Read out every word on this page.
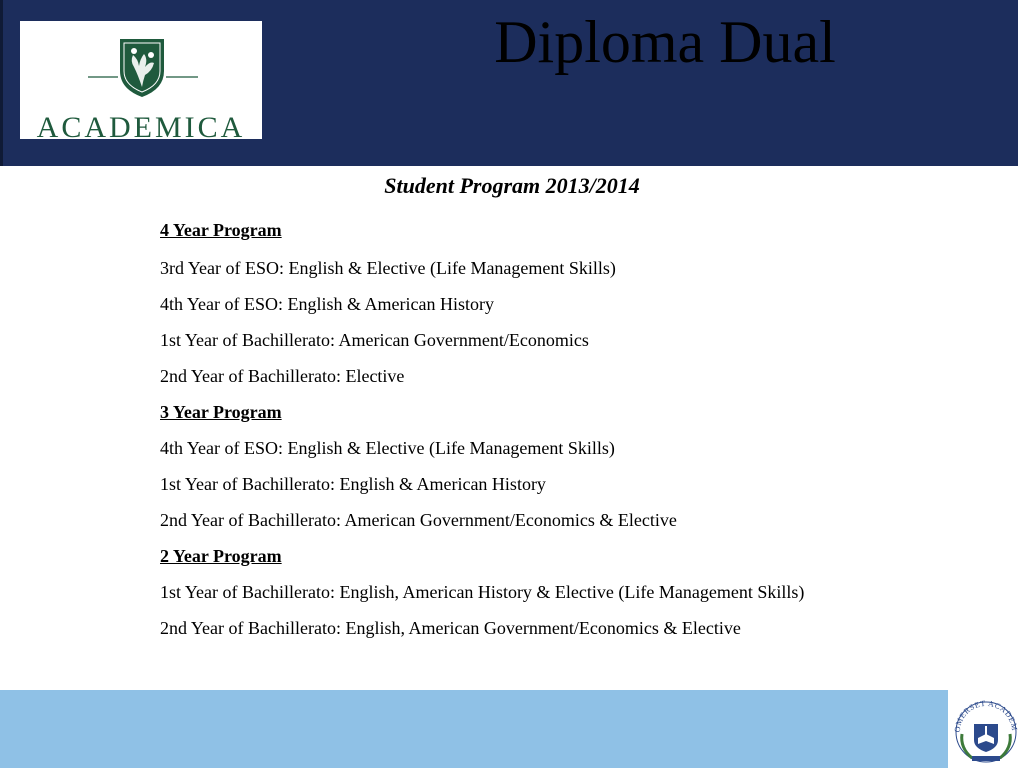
ACADEMICA
Diploma Dual
Student Program 2013/2014
4 Year Program
3rd Year of ESO: English & Elective (Life Management Skills)
4th Year of ESO: English & American History
1st Year of Bachillerato: American Government/Economics
2nd Year of Bachillerato: Elective
3 Year Program
4th Year of ESO: English & Elective (Life Management Skills)
1st Year of Bachillerato: English & American History
2nd Year of Bachillerato: American Government/Economics & Elective
2 Year Program
1st Year of Bachillerato: English, American History & Elective (Life Management Skills)
2nd Year of Bachillerato: English, American Government/Economics & Elective
OMERSET ACADEM
